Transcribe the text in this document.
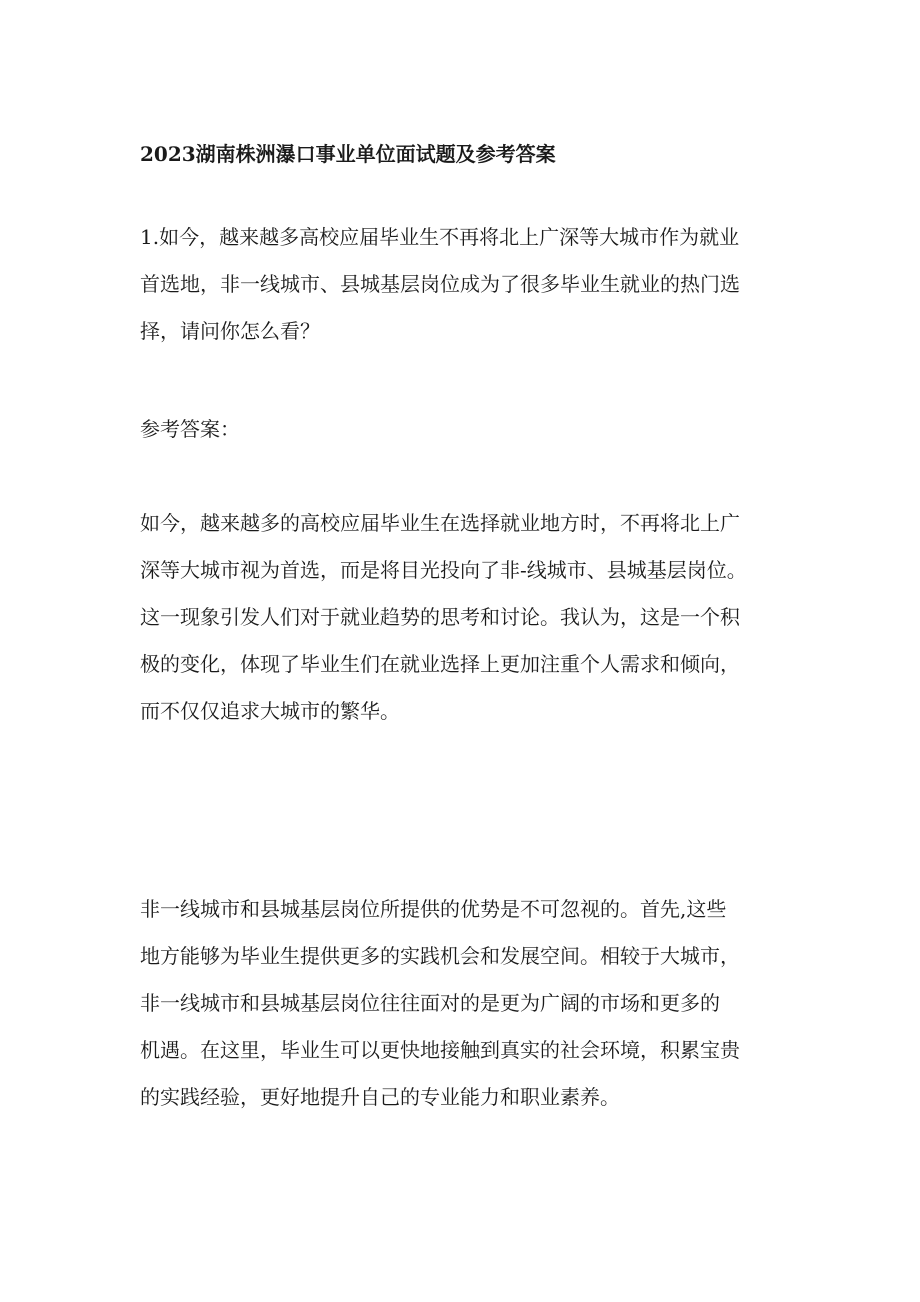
2023湖南株洲瀑口事业单位面试题及参考答案
1.如今，越来越多高校应届毕业生不再将北上广深等大城市作为就业
首选地，非一线城市、县城基层岗位成为了很多毕业生就业的热门选
择，请问你怎么看？
参考答案：
如今，越来越多的高校应届毕业生在选择就业地方时，不再将北上广
深等大城市视为首选，而是将目光投向了非-线城市、县城基层岗位。
这一现象引发人们对于就业趋势的思考和讨论。我认为，这是一个积
极的变化，体现了毕业生们在就业选择上更加注重个人需求和倾向，
而不仅仅追求大城市的繁华。
非一线城市和县城基层岗位所提供的优势是不可忽视的。首先,这些
地方能够为毕业生提供更多的实践机会和发展空间。相较于大城市，
非一线城市和县城基层岗位往往面对的是更为广阔的市场和更多的
机遇。在这里，毕业生可以更快地接触到真实的社会环境，积累宝贵
的实践经验，更好地提升自己的专业能力和职业素养。
